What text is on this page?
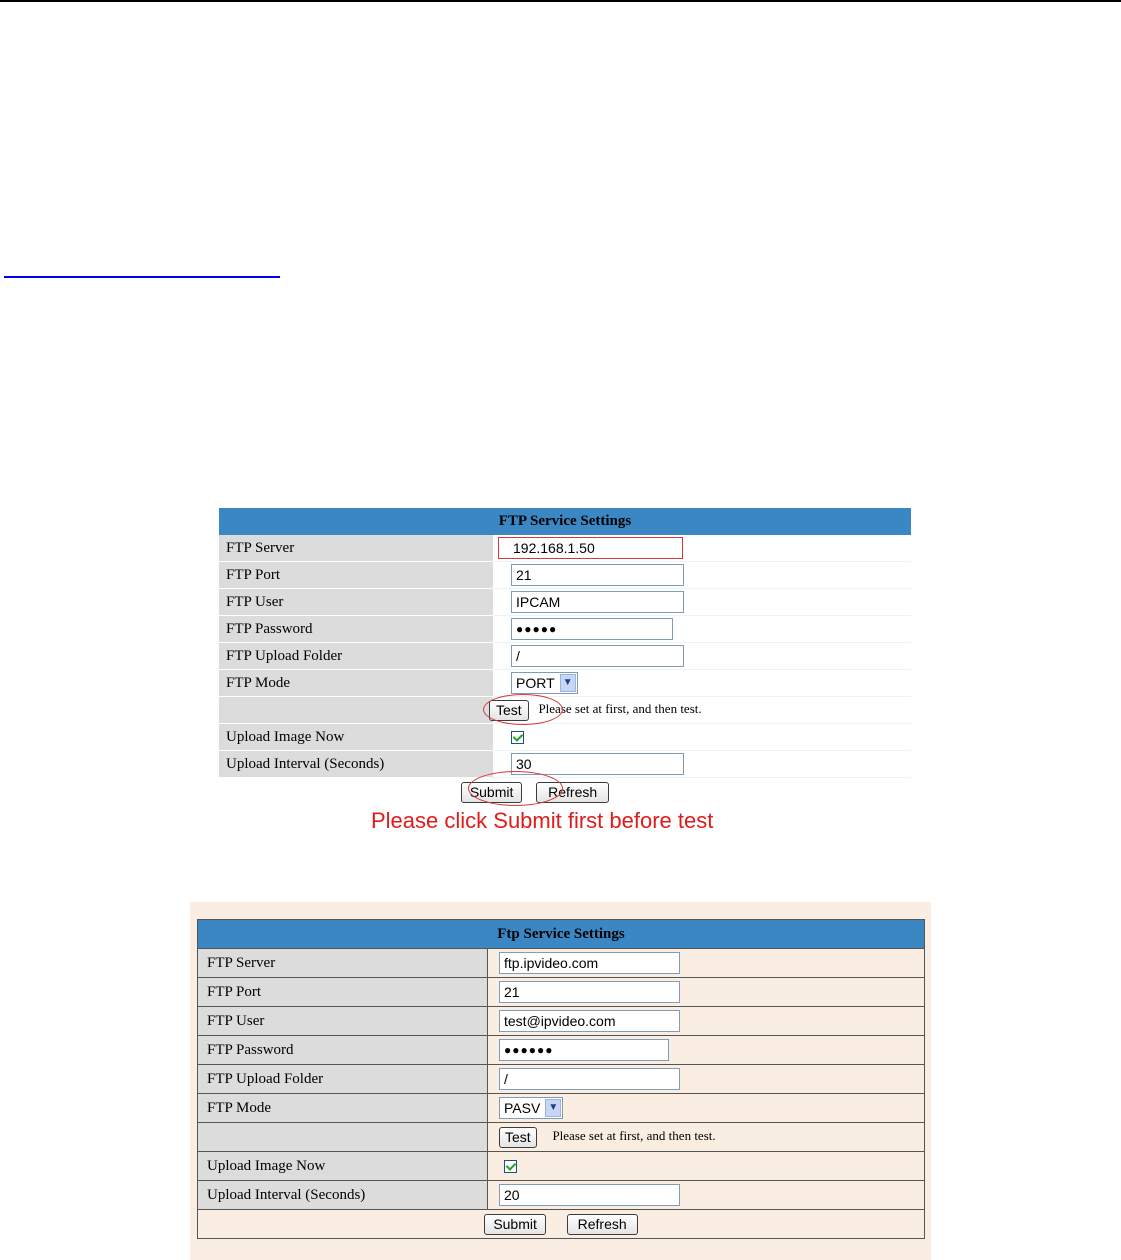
FTP Service Settings	
FTP Server	192.168.1.50
FTP Port	21
FTP User	IPCAM
FTP Password	●●●●●
FTP Upload Folder	/
FTP Mode	PORT ▼

	Test Please set at first, and then test.
Upload Image Now	
Upload Interval (Seconds)	30
Submit Refresh	
Please click Submit first before test
Ftp Service Settings	
FTP Server	ftp.ipvideo.com
FTP Port	21
FTP User	test@ipvideo.com
FTP Password	●●●●●●
FTP Upload Folder	/
FTP Mode	PASV ▼

	Test Please set at first, and then test.
Upload Image Now	
Upload Interval (Seconds)	20
Submit Refresh	
